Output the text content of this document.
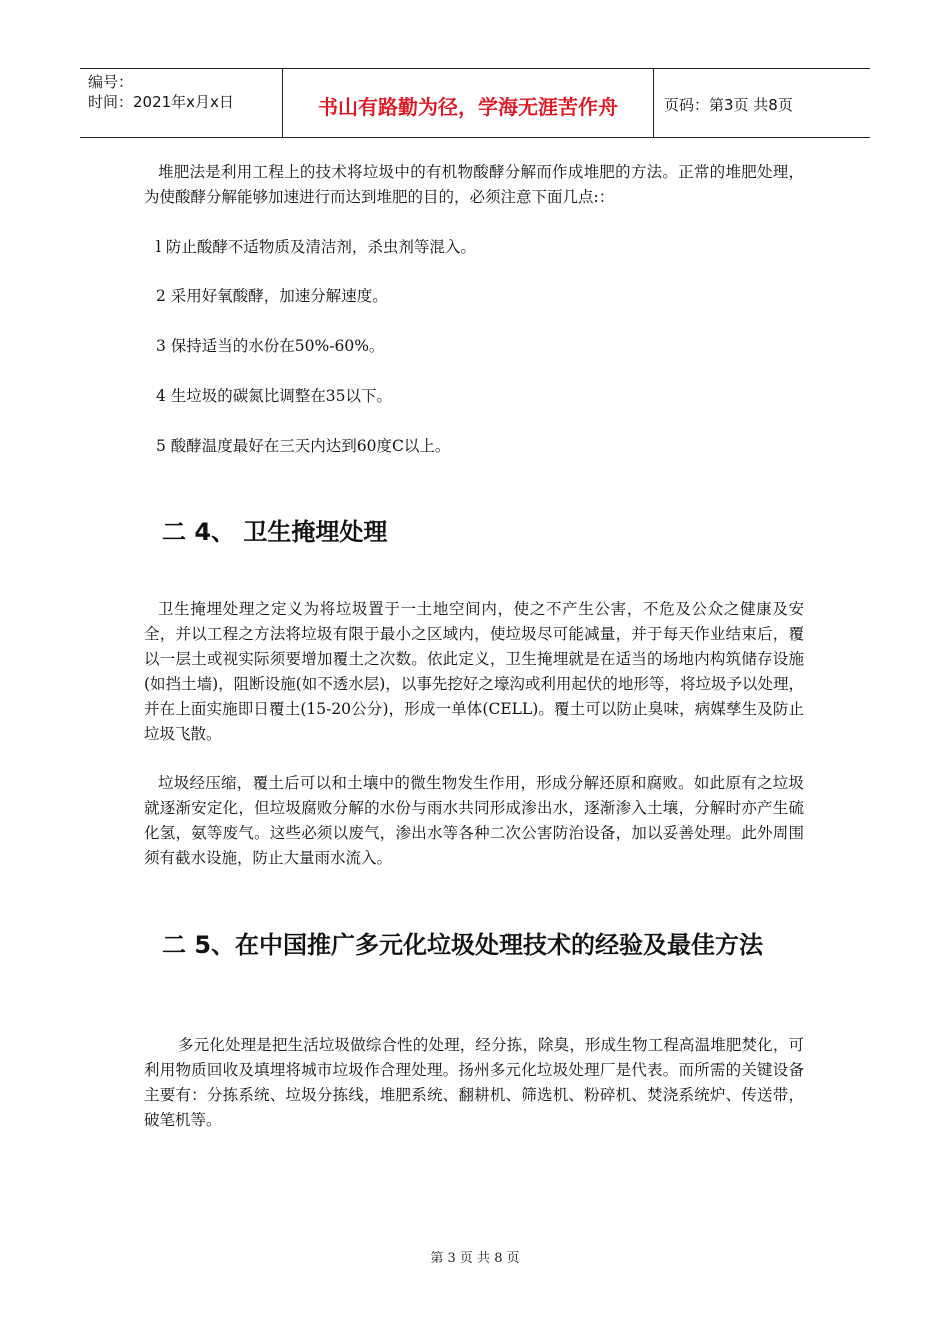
编号：
时间：2021年x月x日	书山有路勤为径，学海无涯苦作舟	页码：第3页 共8页

堆肥法是利用工程上的技术将垃圾中的有机物酸酵分解而作成堆肥的方法。正常的堆肥处理，为使酸酵分解能够加速进行而达到堆肥的目的，必须注意下面几点:：

l 防止酸酵不适物质及清洁剂，杀虫剂等混入。

2 采用好氧酸酵，加速分解速度。

3 保持适当的水份在50%-60%。

4 生垃圾的碳氮比调整在35以下。

5 酸酵温度最好在三天内达到60度C以上。

二 4、 卫生掩埋处理

卫生掩埋处理之定义为将垃圾置于一土地空间内，使之不产生公害，不危及公众之健康及安全，并以工程之方法将垃圾有限于最小之区域内，使垃圾尽可能减量，并于每天作业结束后，覆以一层土或视实际须要增加覆土之次数。依此定义，卫生掩埋就是在适当的场地内构筑储存设施(如挡土墙)，阻断设施(如不透水层)，以事先挖好之壕沟或利用起伏的地形等，将垃圾予以处理，并在上面实施即日覆土(15-20公分)，形成一单体(CELL)。覆土可以防止臭味，病媒孳生及防止垃圾飞散。

垃圾经压缩，覆土后可以和土壤中的微生物发生作用，形成分解还原和腐败。如此原有之垃圾就逐渐安定化，但垃圾腐败分解的水份与雨水共同形成渗出水，逐渐渗入土壤，分解时亦产生硫化氢，氨等废气。这些必须以废气，渗出水等各种二次公害防治设备，加以妥善处理。此外周围须有截水设施，防止大量雨水流入。

二 5、在中国推广多元化垃圾处理技术的经验及最佳方法

多元化处理是把生活垃圾做综合性的处理，经分拣，除臭，形成生物工程高温堆肥焚化，可利用物质回收及填埋将城市垃圾作合理处理。扬州多元化垃圾处理厂是代表。而所需的关键设备主要有：分拣系统、垃圾分拣线，堆肥系统、翻耕机、筛选机、粉碎机、焚浇系统炉、传送带，破笔机等。

第 3 页 共 8 页
